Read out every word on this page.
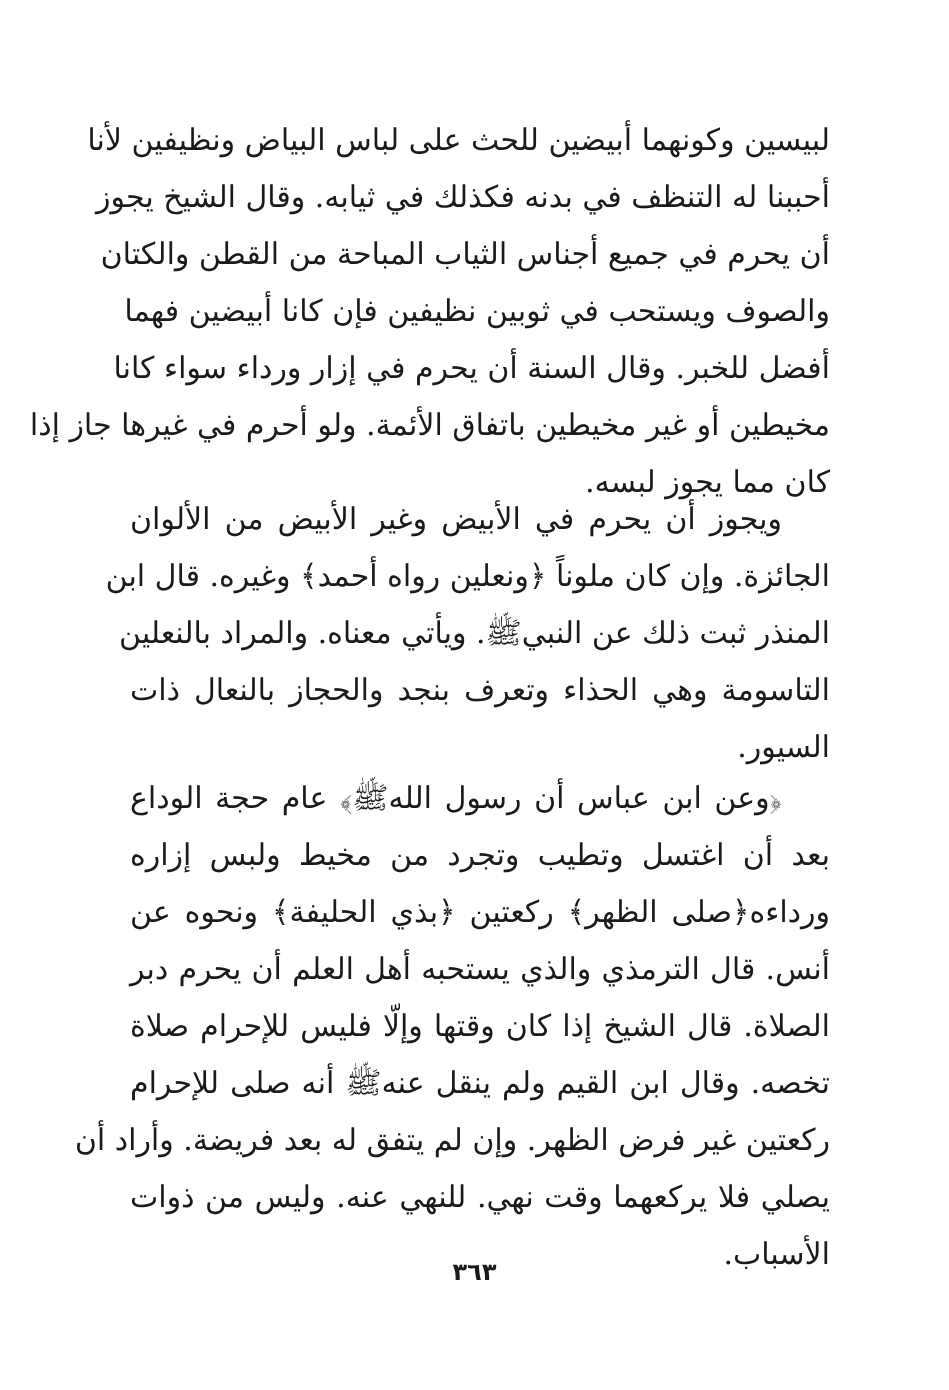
لبيسين وكونهما أبيضين للحث على لباس البياض ونظيفين لأنا
أحببنا له التنظف في بدنه فكذلك في ثيابه. وقال الشيخ يجوز
أن يحرم في جميع أجناس الثياب المباحة من القطن والكتان
والصوف ويستحب في ثوبين نظيفين فإن كانا أبيضين فهما
أفضل للخبر. وقال السنة أن يحرم في إزار ورداء سواء كانا
مخيطين أو غير مخيطين باتفاق الأئمة. ولو أحرم في غيرها جاز إذا
كان مما يجوز لبسه.
ويجوز أن يحرم في الأبيض وغير الأبيض من الألوان
الجائزة. وإن كان ملوناً ﴿ونعلين رواه أحمد﴾ وغيره. قال ابن
المنذر ثبت ذلك عن النبيﷺ. ويأتي معناه. والمراد بالنعلين
التاسومة وهي الحذاء وتعرف بنجد والحجاز بالنعال ذات
السيور.
﴿وعن ابن عباس أن رسول اللهﷺ﴾ عام حجة الوداع
بعد أن اغتسل وتطيب وتجرد من مخيط ولبس إزاره
ورداءه﴿صلى الظهر﴾ ركعتين ﴿بذي الحليفة﴾ ونحوه عن
أنس. قال الترمذي والذي يستحبه أهل العلم أن يحرم دبر
الصلاة. قال الشيخ إذا كان وقتها وإلّا فليس للإحرام صلاة
تخصه. وقال ابن القيم ولم ينقل عنهﷺ أنه صلى للإحرام
ركعتين غير فرض الظهر. وإن لم يتفق له بعد فريضة. وأراد أن
يصلي فلا يركعهما وقت نهي. للنهي عنه. وليس من ذوات
الأسباب.
٣٦٣
